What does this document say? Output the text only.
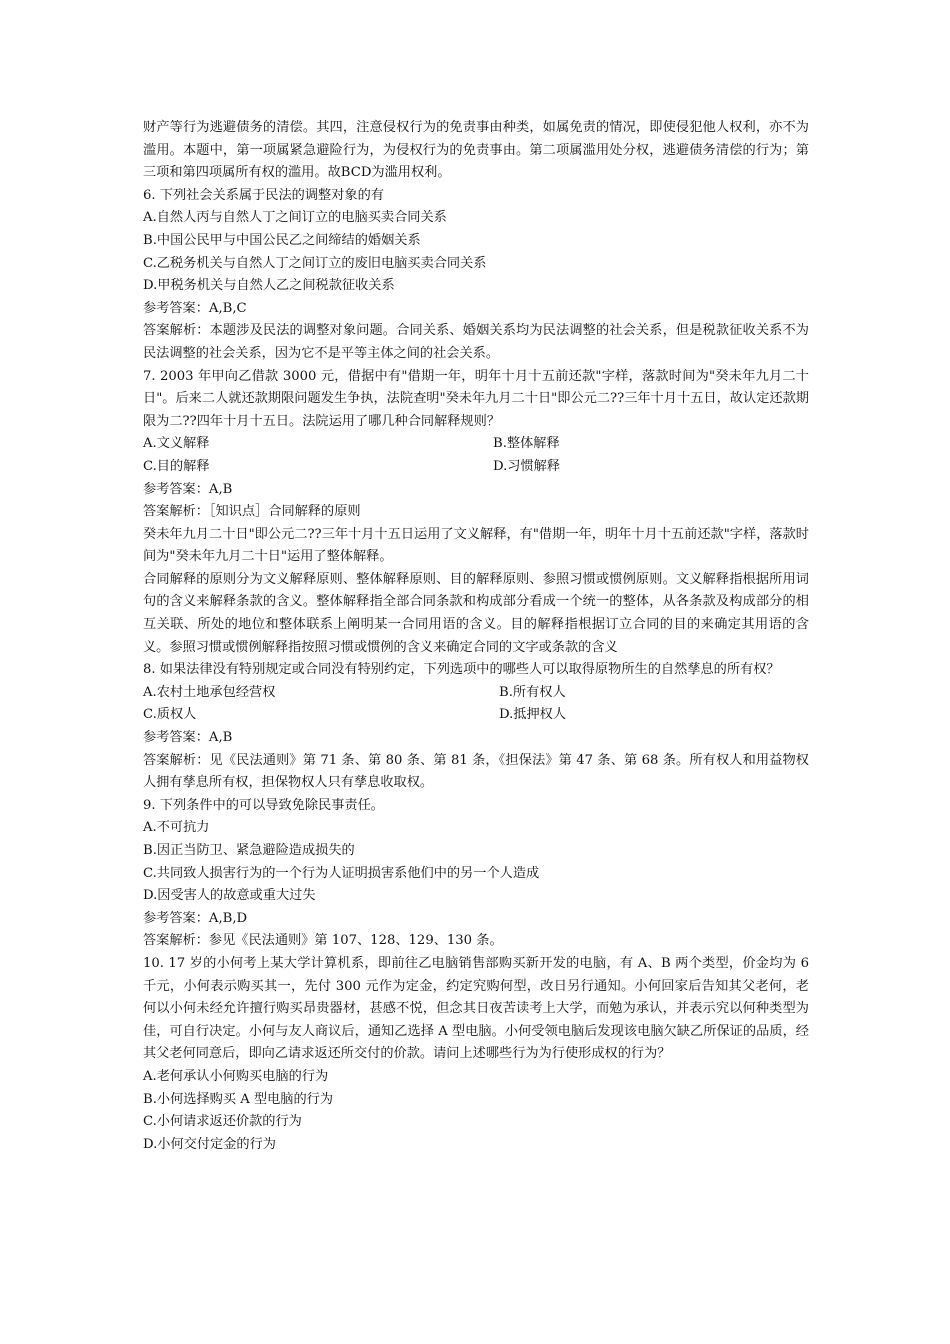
财产等行为逃避债务的清偿。其四，注意侵权行为的免责事由种类，如属免责的情况，即使侵犯他人权利，亦不为滥用。本题中，第一项属紧急避险行为，为侵权行为的免责事由。第二项属滥用处分权，逃避债务清偿的行为；第三项和第四项属所有权的滥用。故BCD为滥用权利。

6. 下列社会关系属于民法的调整对象的有

A.自然人丙与自然人丁之间订立的电脑买卖合同关系

B.中国公民甲与中国公民乙之间缔结的婚姻关系

C.乙税务机关与自然人丁之间订立的废旧电脑买卖合同关系

D.甲税务机关与自然人乙之间税款征收关系

参考答案：A,B,C

答案解析：本题涉及民法的调整对象问题。合同关系、婚姻关系均为民法调整的社会关系，但是税款征收关系不为民法调整的社会关系，因为它不是平等主体之间的社会关系。

7. 2003 年甲向乙借款 3000 元，借据中有"借期一年，明年十月十五前还款"字样，落款时间为"癸未年九月二十日"。后来二人就还款期限问题发生争执，法院查明"癸未年九月二十日"即公元二??三年十月十五日，故认定还款期限为二??四年十月十五日。法院运用了哪几种合同解释规则？

A.文义解释	B.整体解释
C.目的解释	D.习惯解释

参考答案：A,B

答案解析：［知识点］合同解释的原则

癸未年九月二十日"即公元二??三年十月十五日运用了文义解释，有"借期一年，明年十月十五前还款"字样，落款时间为"癸未年九月二十日"运用了整体解释。

合同解释的原则分为文义解释原则、整体解释原则、目的解释原则、参照习惯或惯例原则。文义解释指根据所用词句的含义来解释条款的含义。整体解释指全部合同条款和构成部分看成一个统一的整体，从各条款及构成部分的相互关联、所处的地位和整体联系上阐明某一合同用语的含义。目的解释指根据订立合同的目的来确定其用语的含义。参照习惯或惯例解释指按照习惯或惯例的含义来确定合同的文字或条款的含义

8. 如果法律没有特别规定或合同没有特别约定，下列选项中的哪些人可以取得原物所生的自然孳息的所有权？

A.农村土地承包经营权	B.所有权人
C.质权人	D.抵押权人

参考答案：A,B

答案解析：见《民法通则》第 71 条、第 80 条、第 81 条，《担保法》第 47 条、第 68 条。所有权人和用益物权人拥有孳息所有权，担保物权人只有孳息收取权。

9. 下列条件中的可以导致免除民事责任。

A.不可抗力

B.因正当防卫、紧急避险造成损失的

C.共同致人损害行为的一个行为人证明损害系他们中的另一个人造成

D.因受害人的故意或重大过失

参考答案：A,B,D

答案解析：参见《民法通则》第 107、128、129、130 条。

10. 17 岁的小何考上某大学计算机系，即前往乙电脑销售部购买新开发的电脑，有 A、B 两个类型，价金均为 6 千元，小何表示购买其一，先付 300 元作为定金，约定究购何型，改日另行通知。小何回家后告知其父老何，老何以小何未经允许擅行购买昂贵器材，甚感不悦，但念其日夜苦读考上大学，而勉为承认，并表示究以何种类型为佳，可自行决定。小何与友人商议后，通知乙选择 A 型电脑。小何受领电脑后发现该电脑欠缺乙所保证的品质，经其父老何同意后，即向乙请求返还所交付的价款。请问上述哪些行为为行使形成权的行为？

A.老何承认小何购买电脑的行为

B.小何选择购买 A 型电脑的行为

C.小何请求返还价款的行为

D.小何交付定金的行为
